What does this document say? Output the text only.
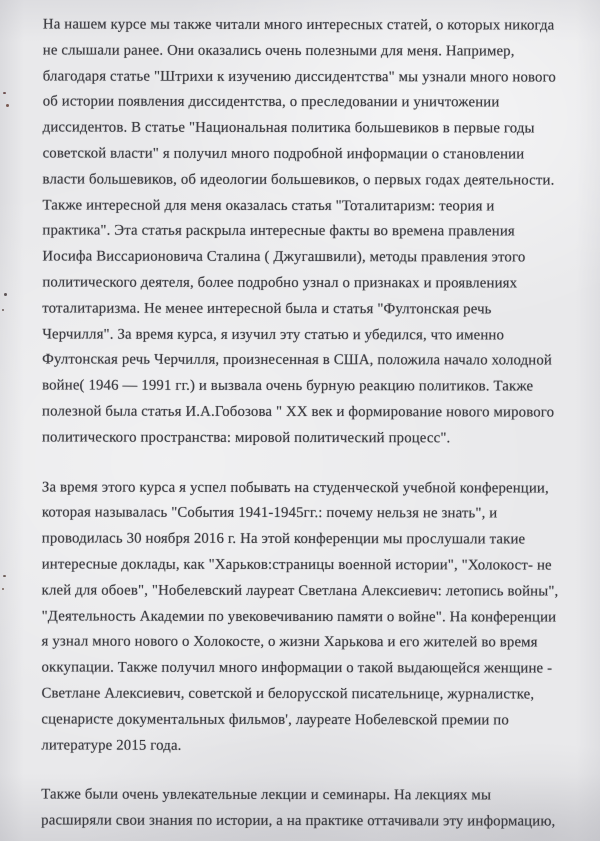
На нашем курсе мы также читали много интересных статей, о которых никогда
не слышали ранее. Они оказались очень полезными для меня. Например,
благодаря статье "Штрихи к изучению диссидентства" мы узнали много нового
об истории появления диссидентства, о преследовании и уничтожении
диссидентов. В статье "Национальная политика большевиков в первые годы
советской власти" я получил много подробной информации о становлении
власти большевиков, об идеологии большевиков, о первых годах деятельности.
Также интересной для меня оказалась статья "Тоталитаризм: теория и
практика". Эта статья раскрыла интересные факты во времена правления
Иосифа Виссарионовича Сталина ( Джугашвили), методы правления этого
политического деятеля, более подробно узнал о признаках и проявлениях
тоталитаризма. Не менее интересной была и статья "Фултонская речь
Черчилля". За время курса, я изучил эту статью и убедился, что именно
Фултонская речь Черчилля, произнесенная в США, положила начало холодной
войне( 1946 — 1991 гг.) и вызвала очень бурную реакцию политиков. Также
полезной была статья И.А.Гобозова " ХХ век и формирование нового мирового
политического пространства: мировой политический процесс".

За время этого курса я успел побывать на студенческой учебной конференции,
которая называлась "События 1941-1945гг.: почему нельзя не знать", и
проводилась 30 ноября 2016 г. На этой конференции мы прослушали такие
интересные доклады, как "Харьков:страницы военной истории", "Холокост- не
клей для обоев", "Нобелевский лауреат Светлана Алексиевич: летопись войны",
"Деятельность Академии по увековечиванию памяти о войне". На конференции
я узнал много нового о Холокосте, о жизни Харькова и его жителей во время
оккупации. Также получил много информации о такой выдающейся женщине -
Светлане Алексиевич, советской и белорусской писательнице, журналистке,
сценаристе документальных фильмов', лауреате Нобелевской премии по
литературе 2015 года.

Также были очень увлекательные лекции и семинары. На лекциях мы
расширяли свои знания по истории, а на практике оттачивали эту информацию,
